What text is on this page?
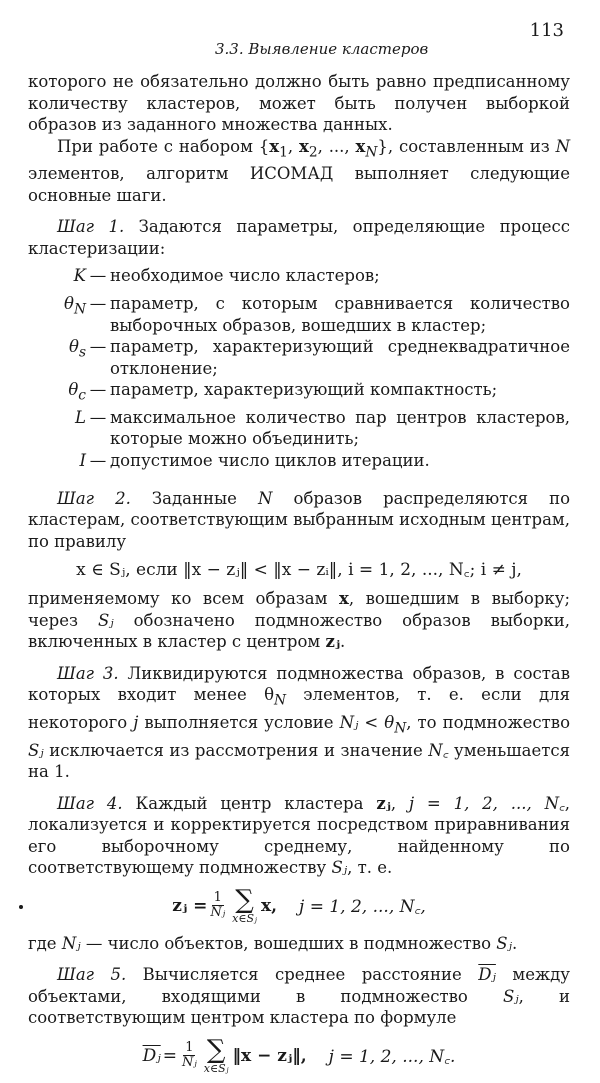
113
3.3. Выявление кластеров

которого не обязательно должно быть равно предписанному количеству кластеров, может быть получен выборкой образов из заданного множества данных.

При работе с набором {$x_1$, $x_2$, ..., $x_N$}, составленным из N элементов, алгоритм ИСОМАД выполняет следующие основные шаги.

Шаг 1. Задаются параметры, определяющие процесс кластеризации:

K — необходимое число кластеров;
$\theta_N$ — параметр, с которым сравнивается количество выборочных образов, вошедших в кластер;
$\theta_s$ — параметр, характеризующий среднеквадратичное отклонение;
$\theta_c$ — параметр, характеризующий компактность;
L — максимальное количество пар центров кластеров, которые можно объединить;
I — допустимое число циклов итерации.

Шаг 2. Заданные N образов распределяются по кластерам, соответствующим выбранным исходным центрам, по правилу

x ∈ Sⱼ, если ‖x − zⱼ‖ < ‖x − zᵢ‖, i = 1, 2, ..., N꜀; i ≠ j,

применяемому ко всем образам x, вошедшим в выборку; через Sⱼ обозначено подмножество образов выборки, включенных в кластер с центром zⱼ.

Шаг 3. Ликвидируются подмножества образов, в состав которых входит менее $\theta_N$ элементов, т. е. если для некоторого j выполняется условие Nⱼ < $\theta_N$, то подмножество Sⱼ исключается из рассмотрения и значение N꜀ уменьшается на 1.

Шаг 4. Каждый центр кластера zⱼ, j = 1, 2, ..., N꜀, локализуется и корректируется посредством приравнивания его выборочному среднему, найденному по соответствующему подмножеству Sⱼ, т. е.

zⱼ = $\frac{1}{\text{Nⱼ}}$ ∑
x∈Sⱼ
x, j = 1, 2, ..., N꜀,

где Nⱼ — число объектов, вошедших в подмножество Sⱼ.

Шаг 5. Вычисляется среднее расстояние $\overline{Dⱼ}$ между объектами, входящими в подмножество Sⱼ, и соответствующим центром кластера по формуле

$\overline{Dⱼ} = \frac{1}{\text{Nⱼ}}$ ∑
x∈Sⱼ
‖x − zⱼ‖, j = 1, 2, ..., N꜀.
